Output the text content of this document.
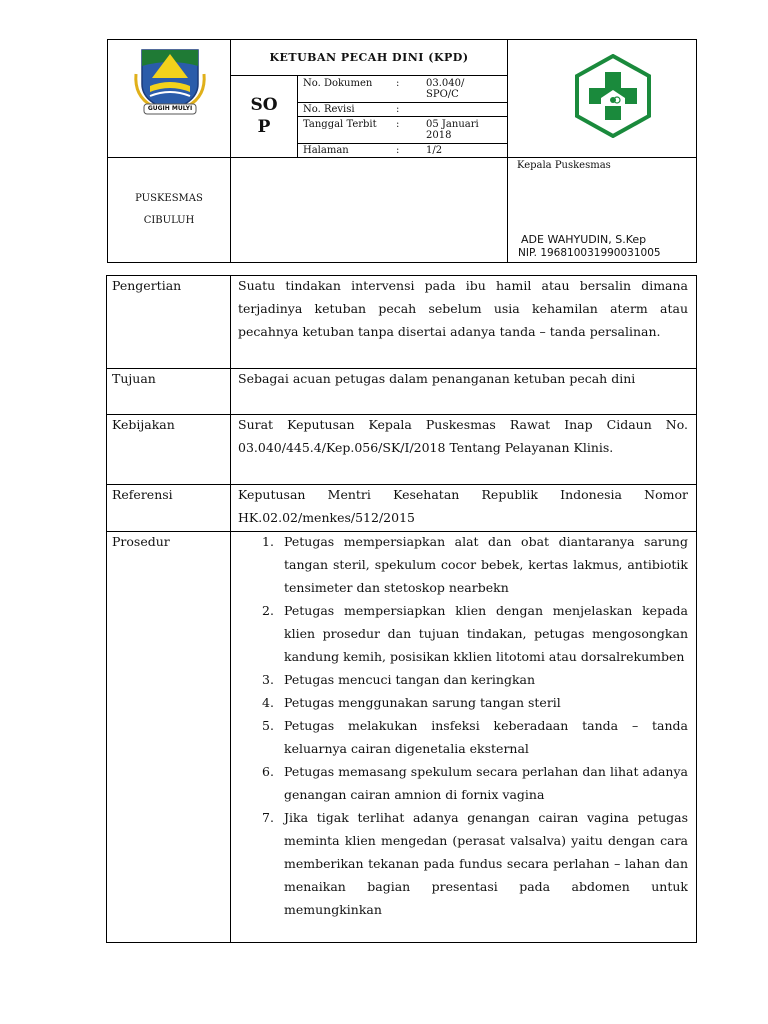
GUGIH MULYI
KETUBAN PECAH DINI (KPD)
SO
P
No. Dokumen :	03.040/ SPO/C
No. Revisi	:
Tanggal Terbit :	05 Januari 2018
Halaman	:	1/2
PUSKESMAS
CIBULUH
Kepala Puskesmas
ADE WAHYUDIN, S.Kep
NIP. 196810031990031005
Pengertian	Suatu tindakan intervensi pada ibu hamil atau bersalin dimana terjadinya ketuban pecah sebelum usia kehamilan aterm atau pecahnya ketuban tanpa disertai adanya tanda – tanda persalinan.
Tujuan	Sebagai acuan petugas dalam penanganan ketuban pecah dini
Kebijakan	Surat Keputusan Kepala Puskesmas Rawat Inap Cidaun No. 03.040/445.4/Kep.056/SK/I/2018 Tentang Pelayanan Klinis.
Referensi	Keputusan Mentri Kesehatan Republik Indonesia Nomor HK.02.02/menkes/512/2015
Prosedur	1. Petugas mempersiapkan alat dan obat diantaranya sarung tangan steril, spekulum cocor bebek, kertas lakmus, antibiotik tensimeter dan stetoskop nearbekn
2. Petugas mempersiapkan klien dengan menjelaskan kepada klien prosedur dan tujuan tindakan, petugas mengosongkan kandung kemih, posisikan kklien litotomi atau dorsalrekumben
3. Petugas mencuci tangan dan keringkan
4. Petugas menggunakan sarung tangan steril
5. Petugas melakukan insfeksi keberadaan tanda – tanda keluarnya cairan digenetalia eksternal
6. Petugas memasang spekulum secara perlahan dan lihat adanya genangan cairan amnion di fornix vagina
7. Jika tigak terlihat adanya genangan cairan vagina petugas meminta klien mengedan (perasat valsalva) yaitu dengan cara memberikan tekanan pada fundus secara perlahan – lahan dan menaikan bagian presentasi pada abdomen untuk memungkinkan
